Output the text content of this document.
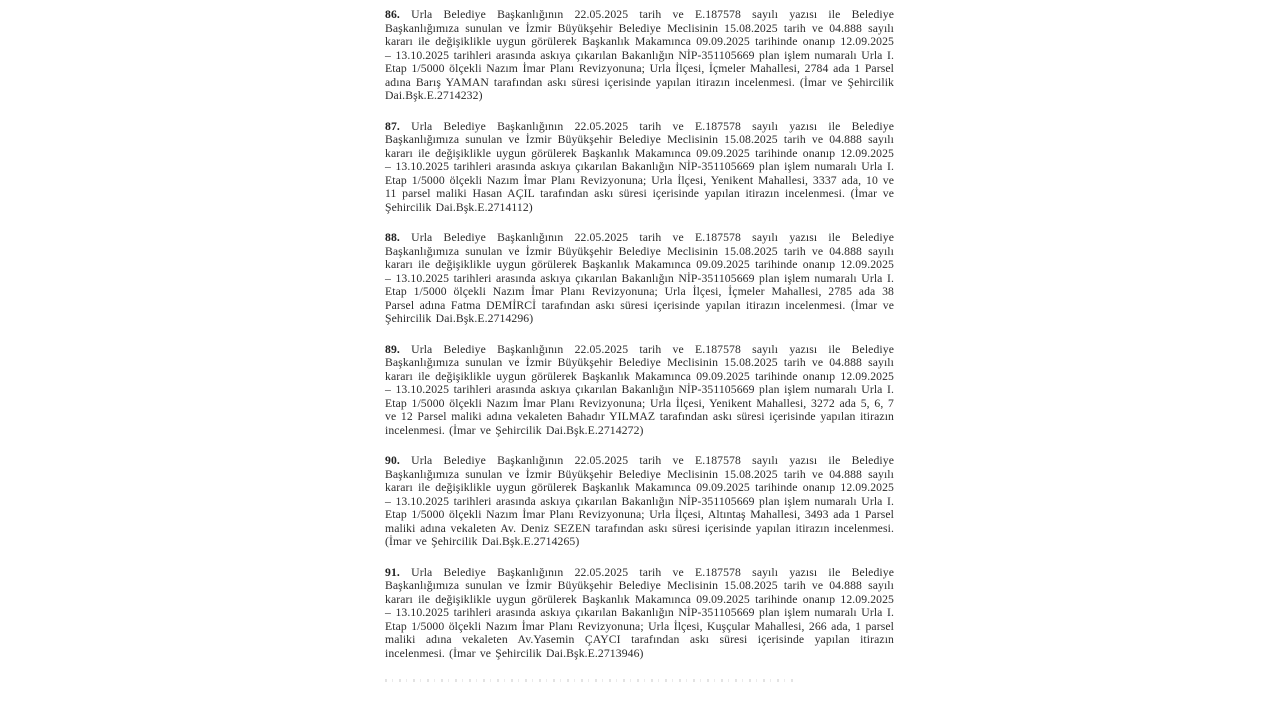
86. Urla Belediye Başkanlığının 22.05.2025 tarih ve E.187578 sayılı yazısı ile Belediye Başkanlığımıza sunulan ve İzmir Büyükşehir Belediye Meclisinin 15.08.2025 tarih ve 04.888 sayılı kararı ile değişiklikle uygun görülerek Başkanlık Makamınca 09.09.2025 tarihinde onanıp 12.09.2025 – 13.10.2025 tarihleri arasında askıya çıkarılan Bakanlığın NİP-351105669 plan işlem numaralı Urla I. Etap 1/5000 ölçekli Nazım İmar Planı Revizyonuna; Urla İlçesi, İçmeler Mahallesi, 2784 ada 1 Parsel adına Barış YAMAN tarafından askı süresi içerisinde yapılan itirazın incelenmesi. (İmar ve Şehircilik Dai.Bşk.E.2714232)

87. Urla Belediye Başkanlığının 22.05.2025 tarih ve E.187578 sayılı yazısı ile Belediye Başkanlığımıza sunulan ve İzmir Büyükşehir Belediye Meclisinin 15.08.2025 tarih ve 04.888 sayılı kararı ile değişiklikle uygun görülerek Başkanlık Makamınca 09.09.2025 tarihinde onanıp 12.09.2025 – 13.10.2025 tarihleri arasında askıya çıkarılan Bakanlığın NİP-351105669 plan işlem numaralı Urla I. Etap 1/5000 ölçekli Nazım İmar Planı Revizyonuna; Urla İlçesi, Yenikent Mahallesi, 3337 ada, 10 ve 11 parsel maliki Hasan AÇIL tarafından askı süresi içerisinde yapılan itirazın incelenmesi. (İmar ve Şehircilik Dai.Bşk.E.2714112)

88. Urla Belediye Başkanlığının 22.05.2025 tarih ve E.187578 sayılı yazısı ile Belediye Başkanlığımıza sunulan ve İzmir Büyükşehir Belediye Meclisinin 15.08.2025 tarih ve 04.888 sayılı kararı ile değişiklikle uygun görülerek Başkanlık Makamınca 09.09.2025 tarihinde onanıp 12.09.2025 – 13.10.2025 tarihleri arasında askıya çıkarılan Bakanlığın NİP-351105669 plan işlem numaralı Urla I. Etap 1/5000 ölçekli Nazım İmar Planı Revizyonuna; Urla İlçesi, İçmeler Mahallesi, 2785 ada 38 Parsel adına Fatma DEMİRCİ tarafından askı süresi içerisinde yapılan itirazın incelenmesi. (İmar ve Şehircilik Dai.Bşk.E.2714296)

89. Urla Belediye Başkanlığının 22.05.2025 tarih ve E.187578 sayılı yazısı ile Belediye Başkanlığımıza sunulan ve İzmir Büyükşehir Belediye Meclisinin 15.08.2025 tarih ve 04.888 sayılı kararı ile değişiklikle uygun görülerek Başkanlık Makamınca 09.09.2025 tarihinde onanıp 12.09.2025 – 13.10.2025 tarihleri arasında askıya çıkarılan Bakanlığın NİP-351105669 plan işlem numaralı Urla I. Etap 1/5000 ölçekli Nazım İmar Planı Revizyonuna; Urla İlçesi, Yenikent Mahallesi, 3272 ada 5, 6, 7 ve 12 Parsel maliki adına vekaleten Bahadır YILMAZ tarafından askı süresi içerisinde yapılan itirazın incelenmesi. (İmar ve Şehircilik Dai.Bşk.E.2714272)

90. Urla Belediye Başkanlığının 22.05.2025 tarih ve E.187578 sayılı yazısı ile Belediye Başkanlığımıza sunulan ve İzmir Büyükşehir Belediye Meclisinin 15.08.2025 tarih ve 04.888 sayılı kararı ile değişiklikle uygun görülerek Başkanlık Makamınca 09.09.2025 tarihinde onanıp 12.09.2025 – 13.10.2025 tarihleri arasında askıya çıkarılan Bakanlığın NİP-351105669 plan işlem numaralı Urla I. Etap 1/5000 ölçekli Nazım İmar Planı Revizyonuna; Urla İlçesi, Altıntaş Mahallesi, 3493 ada 1 Parsel maliki adına vekaleten Av. Deniz SEZEN tarafından askı süresi içerisinde yapılan itirazın incelenmesi. (İmar ve Şehircilik Dai.Bşk.E.2714265)

91. Urla Belediye Başkanlığının 22.05.2025 tarih ve E.187578 sayılı yazısı ile Belediye Başkanlığımıza sunulan ve İzmir Büyükşehir Belediye Meclisinin 15.08.2025 tarih ve 04.888 sayılı kararı ile değişiklikle uygun görülerek Başkanlık Makamınca 09.09.2025 tarihinde onanıp 12.09.2025 – 13.10.2025 tarihleri arasında askıya çıkarılan Bakanlığın NİP-351105669 plan işlem numaralı Urla I. Etap 1/5000 ölçekli Nazım İmar Planı Revizyonuna; Urla İlçesi, Kuşçular Mahallesi, 266 ada, 1 parsel maliki adına vekaleten Av.Yasemin ÇAYCI tarafından askı süresi içerisinde yapılan itirazın incelenmesi. (İmar ve Şehircilik Dai.Bşk.E.2713946)
